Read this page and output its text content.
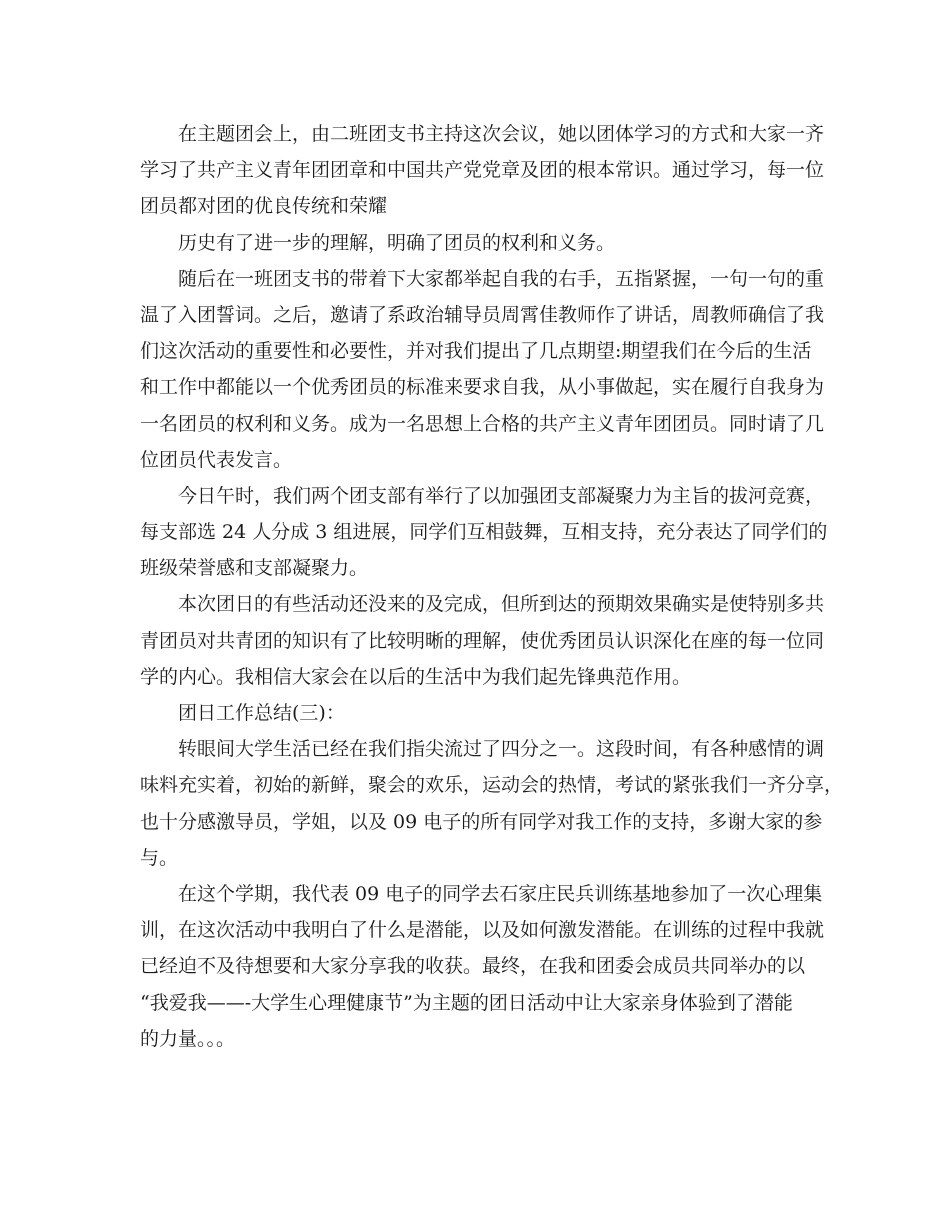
在主题团会上，由二班团支书主持这次会议，她以团体学习的方式和大家一齐
学习了共产主义青年团团章和中国共产党党章及团的根本常识。通过学习，每一位
团员都对团的优良传统和荣耀
历史有了进一步的理解，明确了团员的权利和义务。
随后在一班团支书的带着下大家都举起自我的右手，五指紧握，一句一句的重
温了入团誓词。之后，邀请了系政治辅导员周霄佳教师作了讲话，周教师确信了我
们这次活动的重要性和必要性，并对我们提出了几点期望:期望我们在今后的生活
和工作中都能以一个优秀团员的标准来要求自我，从小事做起，实在履行自我身为
一名团员的权利和义务。成为一名思想上合格的共产主义青年团团员。同时请了几
位团员代表发言。
今日午时，我们两个团支部有举行了以加强团支部凝聚力为主旨的拔河竞赛，
每支部选 24 人分成 3 组进展，同学们互相鼓舞，互相支持，充分表达了同学们的
班级荣誉感和支部凝聚力。
本次团日的有些活动还没来的及完成，但所到达的预期效果确实是使特别多共
青团员对共青团的知识有了比较明晰的理解，使优秀团员认识深化在座的每一位同
学的内心。我相信大家会在以后的生活中为我们起先锋典范作用。
团日工作总结(三)：
转眼间大学生活已经在我们指尖流过了四分之一。这段时间，有各种感情的调
味料充实着，初始的新鲜，聚会的欢乐，运动会的热情，考试的紧张我们一齐分享，
也十分感激导员，学姐，以及 09 电子的所有同学对我工作的支持，多谢大家的参
与。
在这个学期，我代表 09 电子的同学去石家庄民兵训练基地参加了一次心理集
训，在这次活动中我明白了什么是潜能，以及如何激发潜能。在训练的过程中我就
已经迫不及待想要和大家分享我的收获。最终，在我和团委会成员共同举办的以
“我爱我——-大学生心理健康节”为主题的团日活动中让大家亲身体验到了潜能
的力量。。。
